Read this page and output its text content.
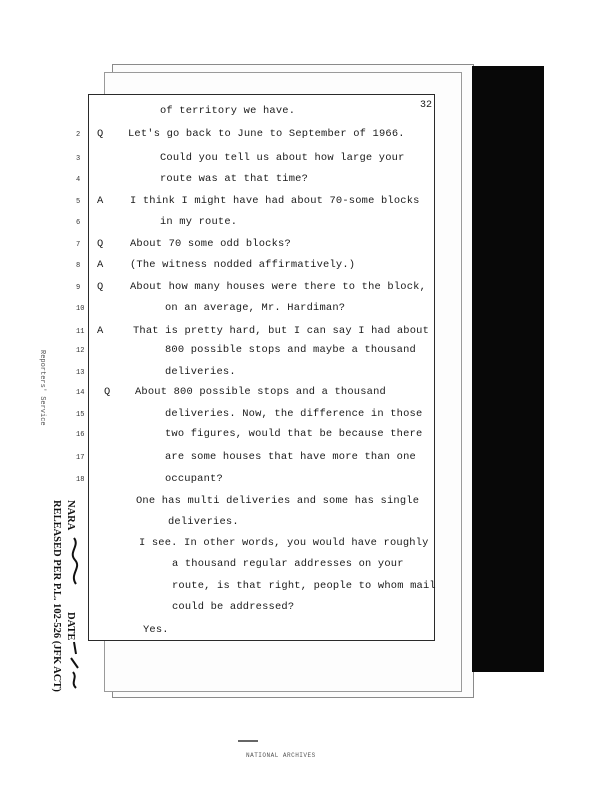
32
of territory we have.
2 Q Let's go back to June to September of 1966.
3	Could you tell us about how large your
4	route was at that time?
5 A	I think I might have had about 70-some blocks
6	in my route.
7 Q	About 70 some odd blocks?
8 A	(The witness nodded affirmatively.)
9 Q	About how many houses were there to the block,
10	on an average, Mr. Hardiman?
11 A	That is pretty hard, but I can say I had about
12	800 possible stops and maybe a thousand
13	deliveries.
14 Q About 800 possible stops and a thousand
15	deliveries. Now, the difference in those
16	two figures, would that be because there
17	are some houses that have more than one
18	occupant?
One has multi deliveries and some has single
deliveries.
I see. In other words, you would have roughly
a thousand regular addresses on your
route, is that right, people to whom mail
could be addressed?
Yes.
Reporters' Service
RELEASED PER P.L. 102-526 (JFK ACT) NARA
DATE
NATIONAL ARCHIVES
